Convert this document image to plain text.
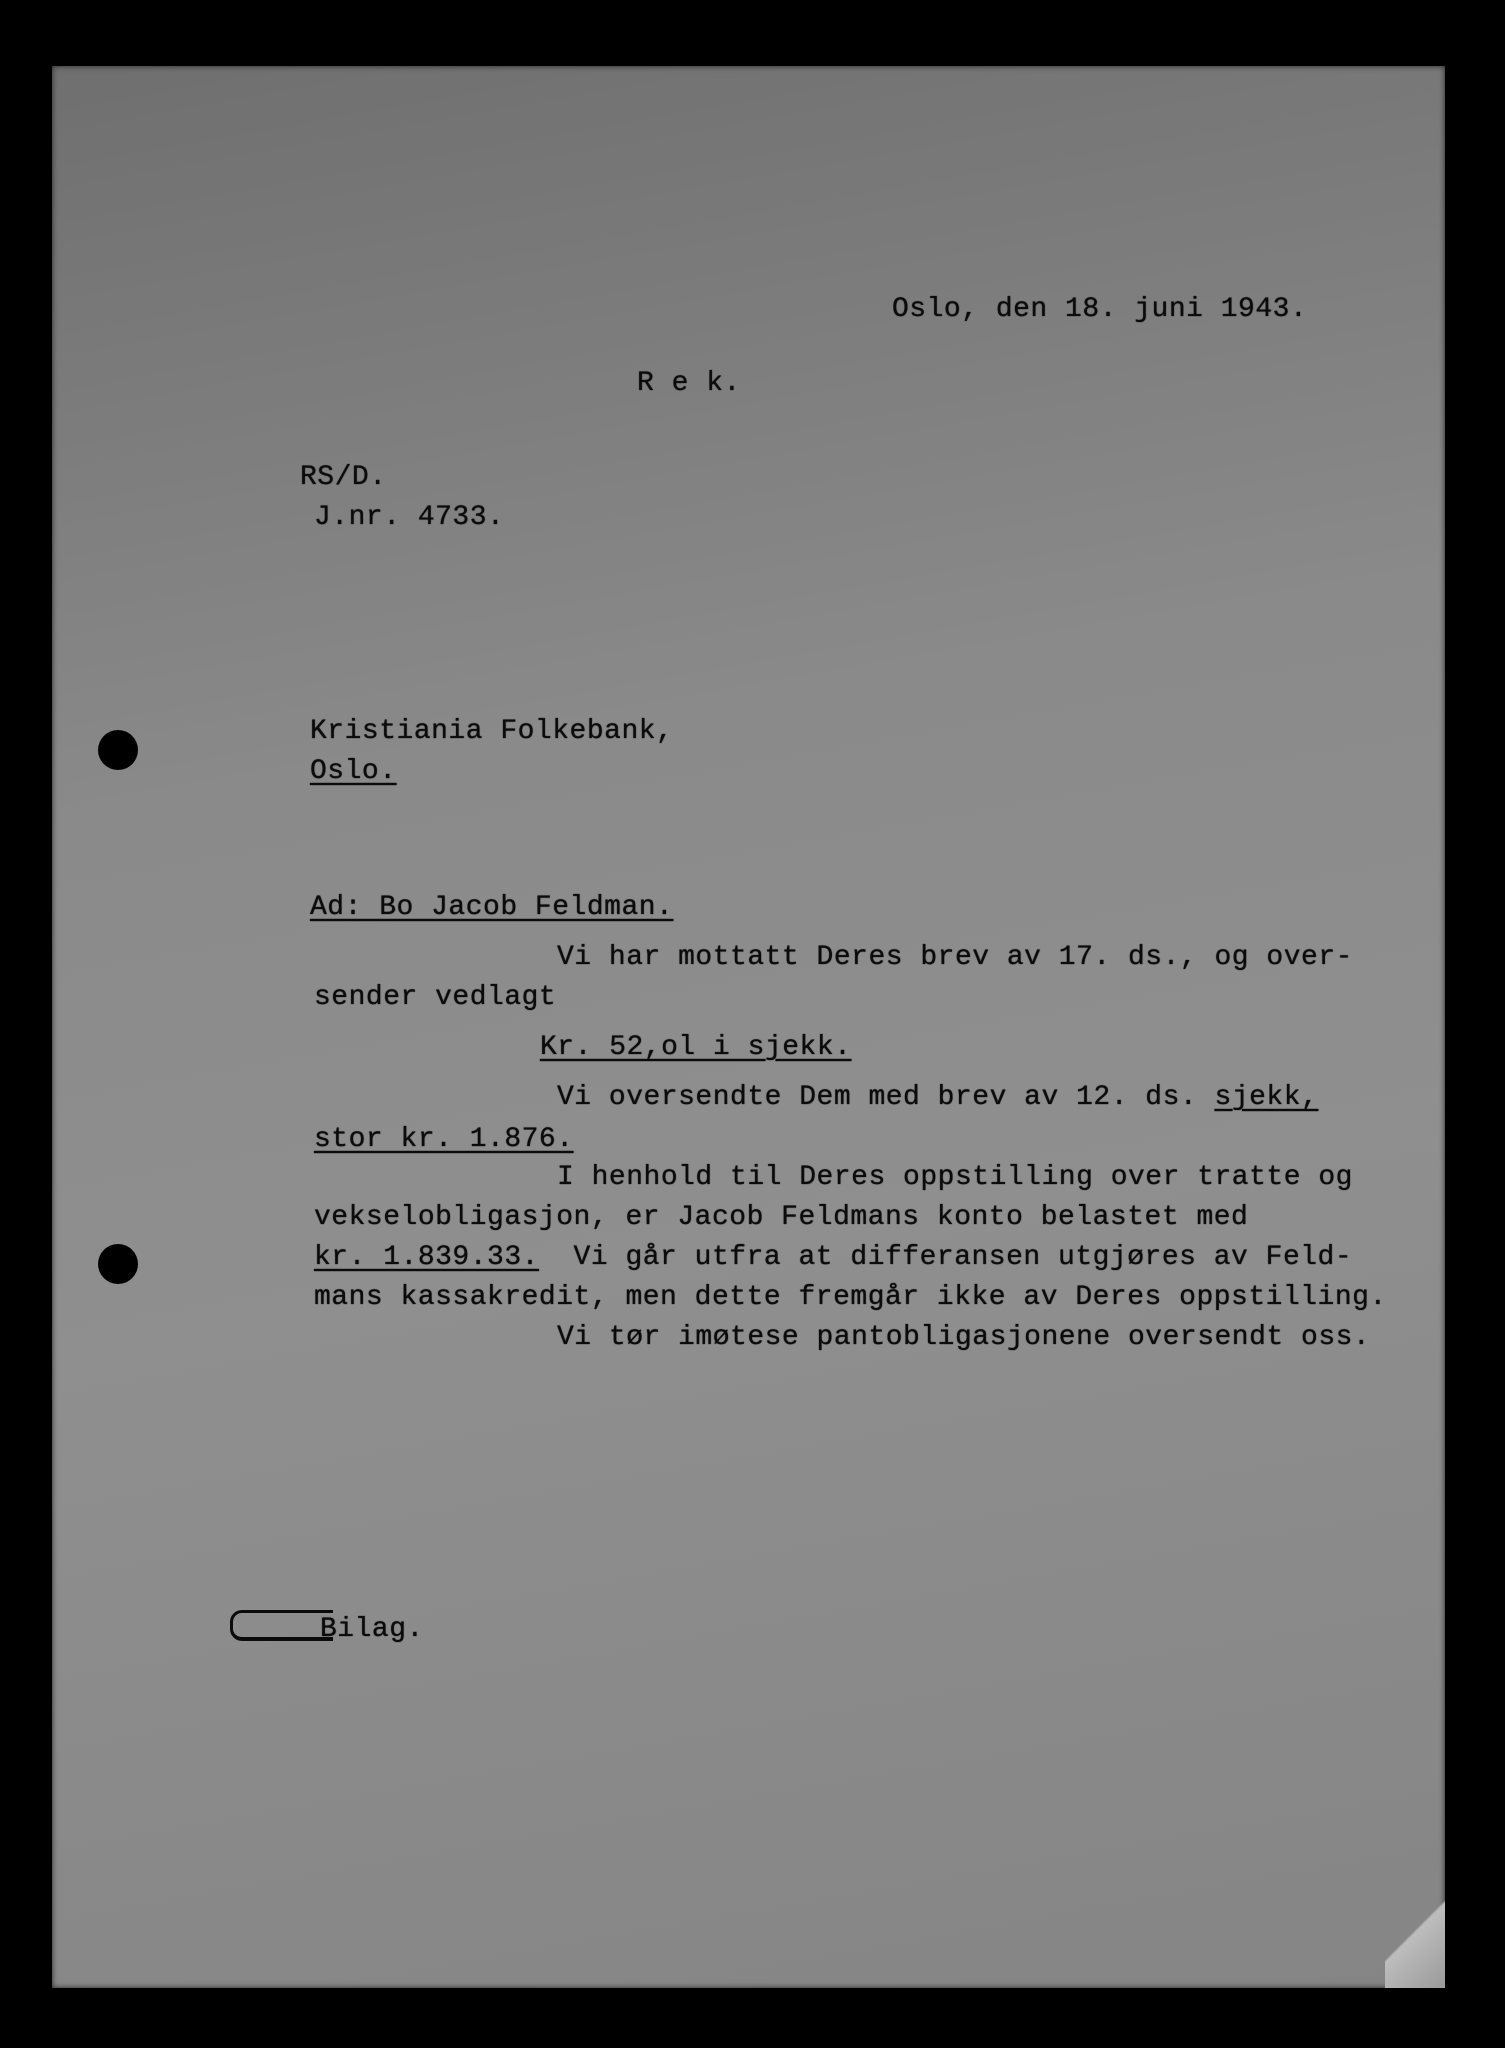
Oslo, den 18. juni 1943.

R e k.

RS/D.

J.nr. 4733.

Kristiania Folkebank,

Oslo.

Ad: Bo Jacob Feldman.

Vi har mottatt Deres brev av 17. ds., og over-

sender vedlagt

Kr. 52,ol i sjekk.

Vi oversendte Dem med brev av 12. ds. sjekk,

stor kr. 1.876.

I henhold til Deres oppstilling over tratte og

vekselobligasjon, er Jacob Feldmans konto belastet med

kr. 1.839.33.  Vi går utfra at differansen utgjøres av Feld-

mans kassakredit, men dette fremgår ikke av Deres oppstilling.

Vi tør imøtese pantobligasjonene oversendt oss.

Bilag.
